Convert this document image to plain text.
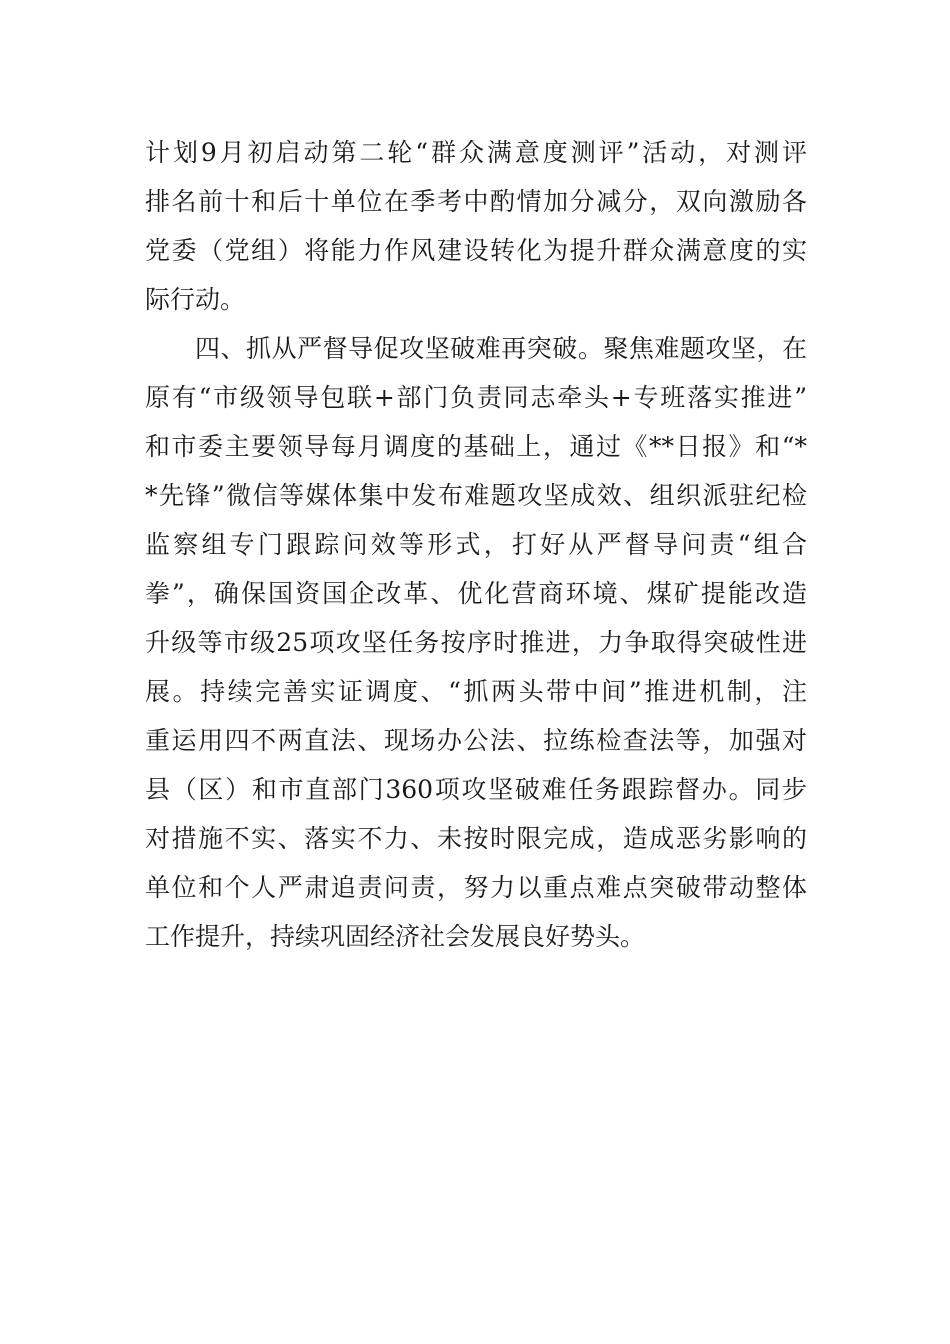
计划9月初启动第二轮“群众满意度测评”活动，对测评
排名前十和后十单位在季考中酌情加分减分，双向激励各
党委（党组）将能力作风建设转化为提升群众满意度的实
际行动。
四、抓从严督导促攻坚破难再突破。聚焦难题攻坚，在
原有“市级领导包联+部门负责同志牵头+专班落实推进”
和市委主要领导每月调度的基础上，通过《**日报》和“*
*先锋”微信等媒体集中发布难题攻坚成效、组织派驻纪检
监察组专门跟踪问效等形式，打好从严督导问责“组合
拳”，确保国资国企改革、优化营商环境、煤矿提能改造
升级等市级25项攻坚任务按序时推进，力争取得突破性进
展。持续完善实证调度、“抓两头带中间”推进机制，注
重运用四不两直法、现场办公法、拉练检查法等，加强对
县（区）和市直部门360项攻坚破难任务跟踪督办。同步
对措施不实、落实不力、未按时限完成，造成恶劣影响的
单位和个人严肃追责问责，努力以重点难点突破带动整体
工作提升，持续巩固经济社会发展良好势头。
